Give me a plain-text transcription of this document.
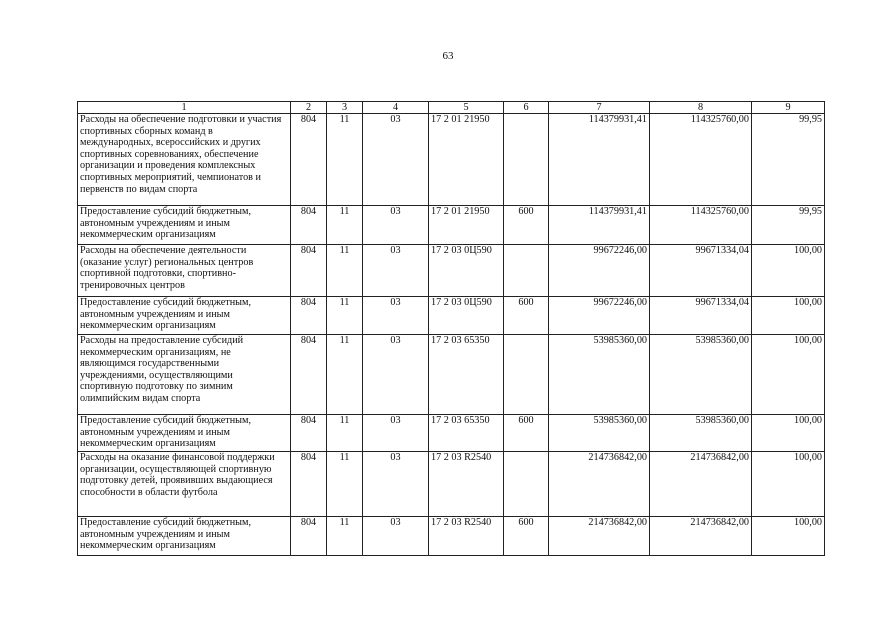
63
1	2	3	4	5	6	7	8	9
Расходы на обеспечение подготовки и участия спортивных сборных команд в международных, всероссийских и других спортивных соревнованиях, обеспечение организации и проведения комплексных спортивных мероприятий, чемпионатов и первенств по видам спорта	804	11	03	17 2 01 21950		114379931,41	114325760,00	99,95
Предоставление субсидий бюджетным, автономным учреждениям и иным некоммерческим организациям	804	11	03	17 2 01 21950	600	114379931,41	114325760,00	99,95
Расходы на обеспечение деятельности (оказание услуг) региональных центров спортивной подготовки, спортивно-тренировочных центров	804	11	03	17 2 03 0Ц590		99672246,00	99671334,04	100,00
Предоставление субсидий бюджетным, автономным учреждениям и иным некоммерческим организациям	804	11	03	17 2 03 0Ц590	600	99672246,00	99671334,04	100,00
Расходы на предоставление субсидий некоммерческим организациям, не являющимся государственными учреждениями, осуществляющими спортивную подготовку по зимним олимпийским видам спорта	804	11	03	17 2 03 65350		53985360,00	53985360,00	100,00
Предоставление субсидий бюджетным, автономным учреждениям и иным некоммерческим организациям	804	11	03	17 2 03 65350	600	53985360,00	53985360,00	100,00
Расходы на оказание финансовой поддержки организации, осуществляющей спортивную подготовку детей, проявивших выдающиеся способности в области футбола	804	11	03	17 2 03 R2540		214736842,00	214736842,00	100,00
Предоставление субсидий бюджетным, автономным учреждениям и иным некоммерческим организациям	804	11	03	17 2 03 R2540	600	214736842,00	214736842,00	100,00
